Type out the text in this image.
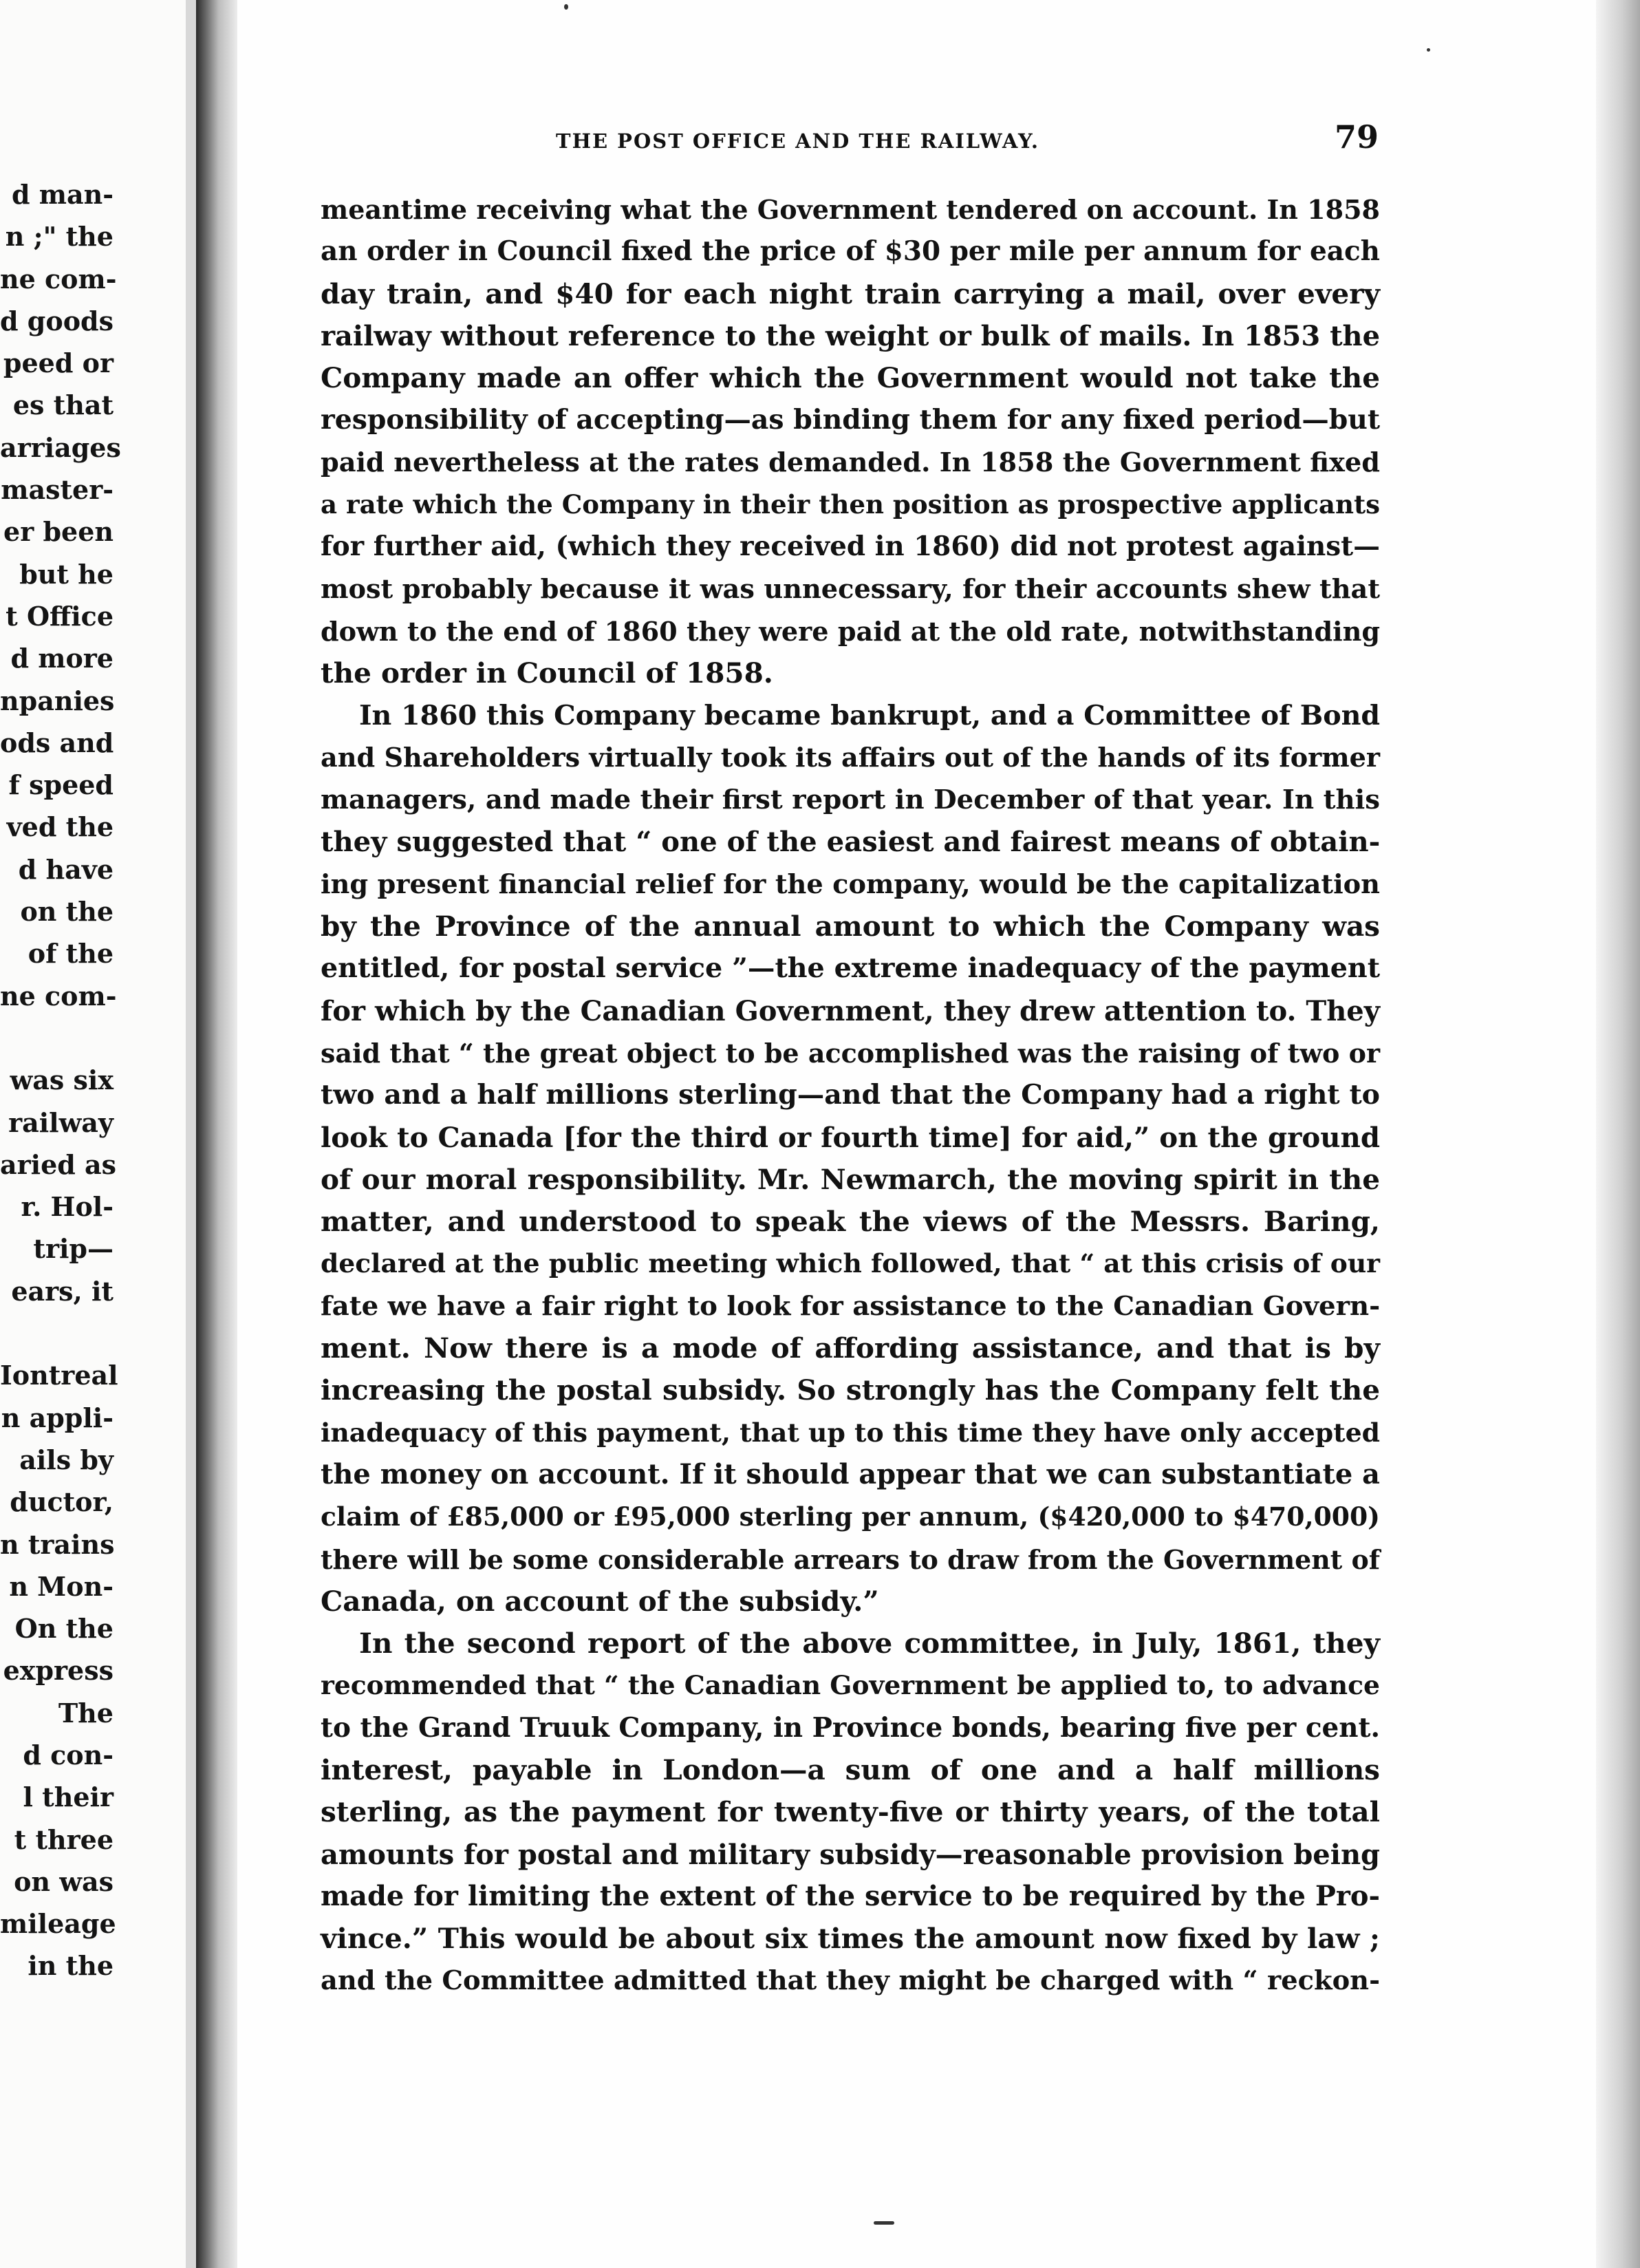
d man-
n ;" the
ne com-
d goods
peed or
es that
arriages
master-
er been
but he
t Office
d more
npanies
ods and
f speed
ved the
d have
on the
of the
ne com-
was six
railway
aried as
r. Hol-
trip—
ears, it
Iontreal
n appli-
ails by
ductor,
n trains
n Mon-
On the
express
The
d con-
l their
t three
on was
mileage
in the
THE POST OFFICE AND THE RAILWAY.	79
meantime receiving what the Government tendered on account. In 1858
an order in Council fixed the price of $30 per mile per annum for each
day train, and $40 for each night train carrying a mail, over every
railway without reference to the weight or bulk of mails. In 1853 the
Company made an offer which the Government would not take the
responsibility of accepting—as binding them for any fixed period—but
paid nevertheless at the rates demanded. In 1858 the Government fixed
a rate which the Company in their then position as prospective applicants
for further aid, (which they received in 1860) did not protest against—
most probably because it was unnecessary, for their accounts shew that
down to the end of 1860 they were paid at the old rate, notwithstanding
the order in Council of 1858.
In 1860 this Company became bankrupt, and a Committee of Bond
and Shareholders virtually took its affairs out of the hands of its former
managers, and made their first report in December of that year. In this
they suggested that “ one of the easiest and fairest means of obtain-
ing present financial relief for the company, would be the capitalization
by the Province of the annual amount to which the Company was
entitled, for postal service ”—the extreme inadequacy of the payment
for which by the Canadian Government, they drew attention to. They
said that “ the great object to be accomplished was the raising of two or
two and a half millions sterling—and that the Company had a right to
look to Canada [for the third or fourth time] for aid,” on the ground
of our moral responsibility. Mr. Newmarch, the moving spirit in the
matter, and understood to speak the views of the Messrs. Baring,
declared at the public meeting which followed, that “ at this crisis of our
fate we have a fair right to look for assistance to the Canadian Govern-
ment. Now there is a mode of affording assistance, and that is by
increasing the postal subsidy. So strongly has the Company felt the
inadequacy of this payment, that up to this time they have only accepted
the money on account. If it should appear that we can substantiate a
claim of £85,000 or £95,000 sterling per annum, ($420,000 to $470,000)
there will be some considerable arrears to draw from the Government of
Canada, on account of the subsidy.”
In the second report of the above committee, in July, 1861, they
recommended that “ the Canadian Government be applied to, to advance
to the Grand Truuk Company, in Province bonds, bearing five per cent.
interest, payable in London—a sum of one and a half millions
sterling, as the payment for twenty-five or thirty years, of the total
amounts for postal and military subsidy—reasonable provision being
made for limiting the extent of the service to be required by the Pro-
vince.” This would be about six times the amount now fixed by law ;
and the Committee admitted that they might be charged with “ reckon-
